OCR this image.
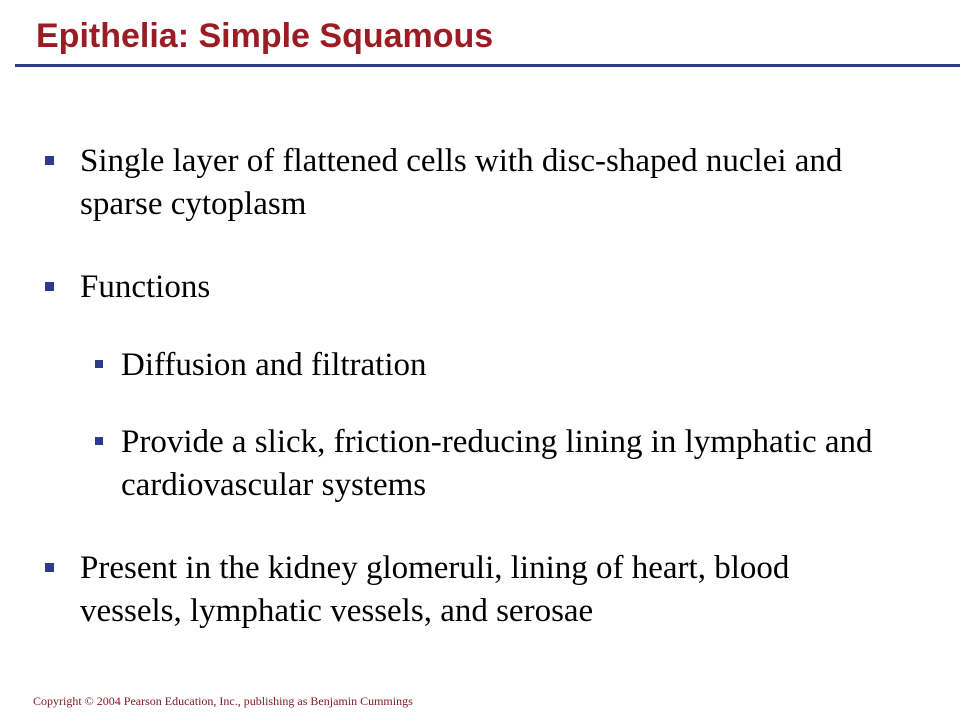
Epithelia: Simple Squamous
Single layer of flattened cells with disc-shaped nuclei and sparse cytoplasm
Functions
Diffusion and filtration
Provide a slick, friction-reducing lining in lymphatic and cardiovascular systems
Present in the kidney glomeruli, lining of heart, blood vessels, lymphatic vessels, and serosae
Copyright © 2004 Pearson Education, Inc., publishing as Benjamin Cummings
